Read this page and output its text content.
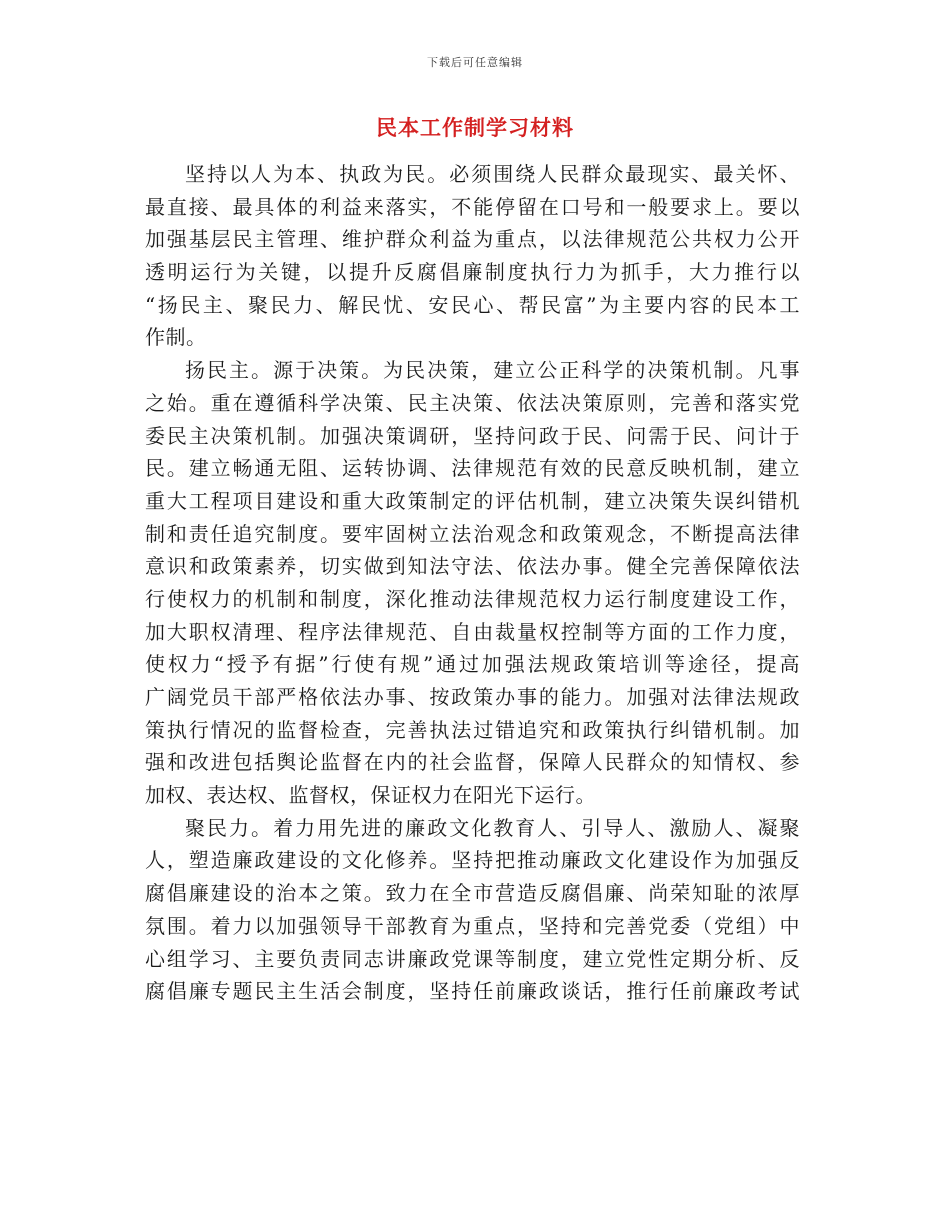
下载后可任意编辑
民本工作制学习材料

坚持以人为本、执政为民。必须围绕人民群众最现实、最关怀、
最直接、最具体的利益来落实，不能停留在口号和一般要求上。要以
加强基层民主管理、维护群众利益为重点，以法律规范公共权力公开
透明运行为关键，以提升反腐倡廉制度执行力为抓手，大力推行以
“扬民主、聚民力、解民忧、安民心、帮民富”为主要内容的民本工
作制。

扬民主。源于决策。为民决策，建立公正科学的决策机制。凡事
之始。重在遵循科学决策、民主决策、依法决策原则，完善和落实党
委民主决策机制。加强决策调研，坚持问政于民、问需于民、问计于
民。建立畅通无阻、运转协调、法律规范有效的民意反映机制，建立
重大工程项目建设和重大政策制定的评估机制，建立决策失误纠错机
制和责任追究制度。要牢固树立法治观念和政策观念，不断提高法律
意识和政策素养，切实做到知法守法、依法办事。健全完善保障依法
行使权力的机制和制度，深化推动法律规范权力运行制度建设工作，
加大职权清理、程序法律规范、自由裁量权控制等方面的工作力度，
使权力“授予有据”行使有规”通过加强法规政策培训等途径，提高
广阔党员干部严格依法办事、按政策办事的能力。加强对法律法规政
策执行情况的监督检查，完善执法过错追究和政策执行纠错机制。加
强和改进包括舆论监督在内的社会监督，保障人民群众的知情权、参
加权、表达权、监督权，保证权力在阳光下运行。

聚民力。着力用先进的廉政文化教育人、引导人、激励人、凝聚
人，塑造廉政建设的文化修养。坚持把推动廉政文化建设作为加强反
腐倡廉建设的治本之策。致力在全市营造反腐倡廉、尚荣知耻的浓厚
氛围。着力以加强领导干部教育为重点，坚持和完善党委（党组）中
心组学习、主要负责同志讲廉政党课等制度，建立党性定期分析、反
腐倡廉专题民主生活会制度，坚持任前廉政谈话，推行任前廉政考试
